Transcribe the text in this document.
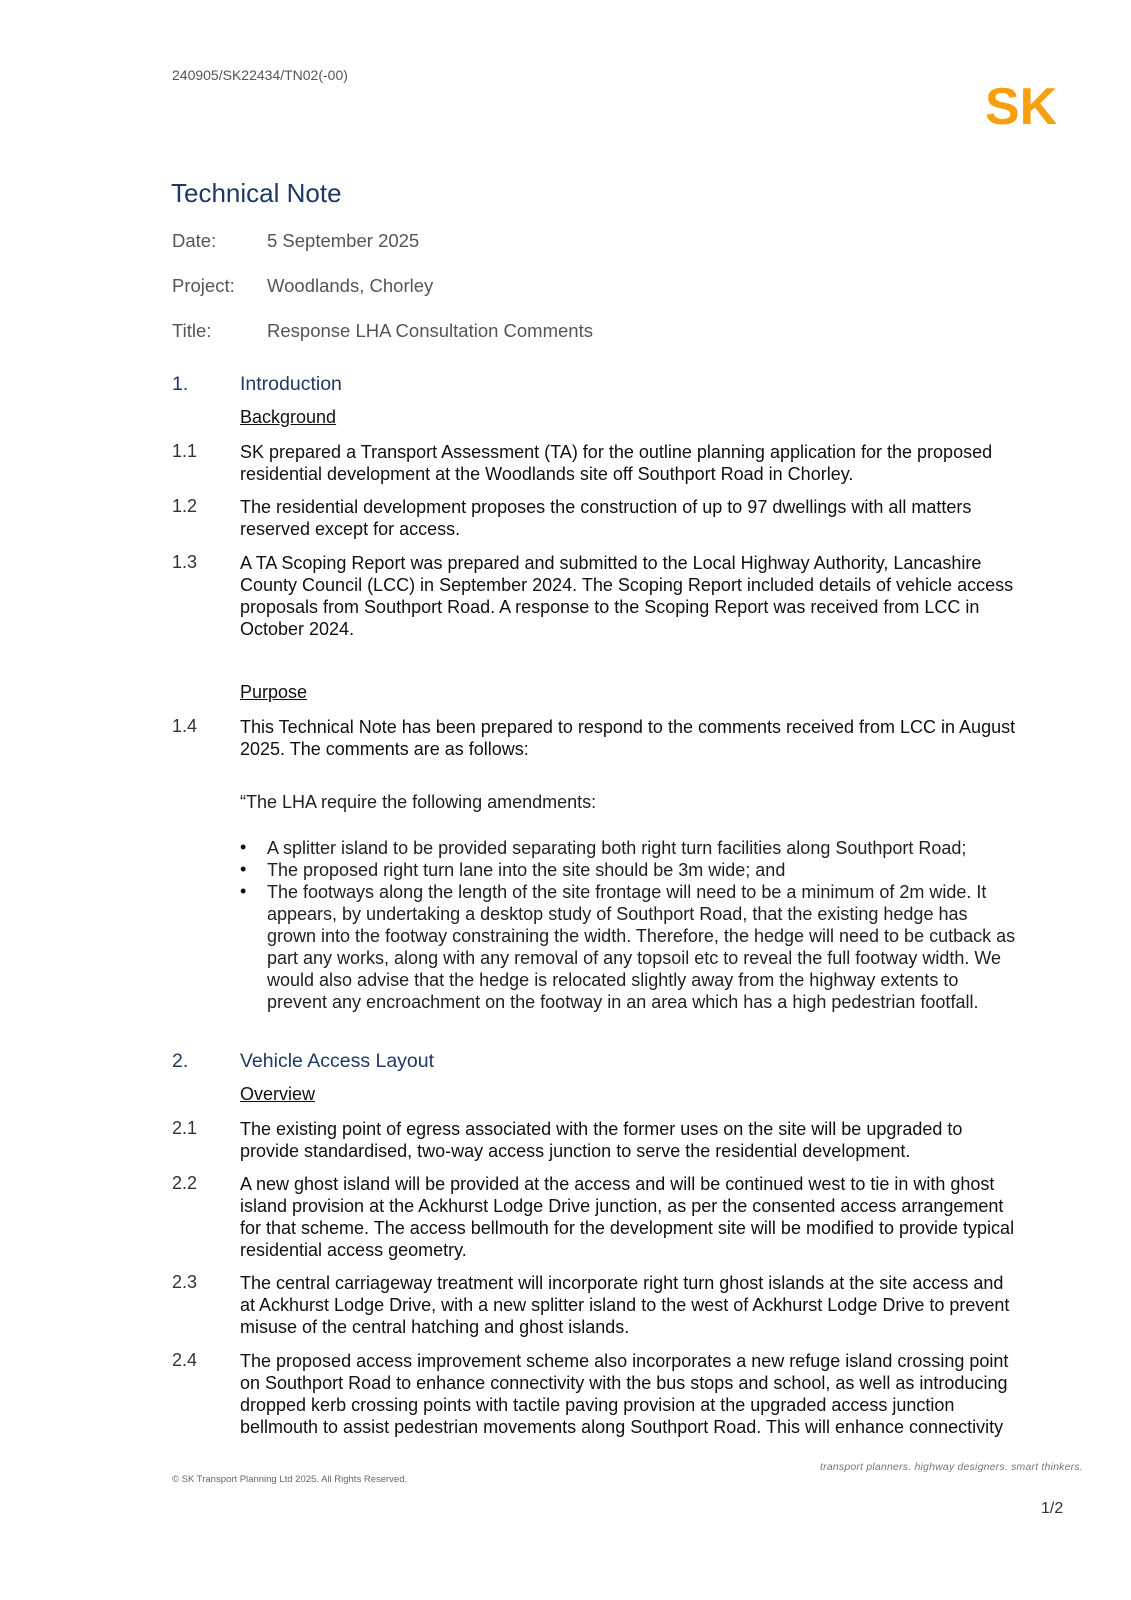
240905/SK22434/TN02(-00)
SK
Technical Note
Date:	5 September 2025
Project: Woodlands, Chorley
Title:	Response LHA Consultation Comments
1.	Introduction
Background
1.1 SK prepared a Transport Assessment (TA) for the outline planning application for the proposed
residential development at the Woodlands site off Southport Road in Chorley.
1.2 The residential development proposes the construction of up to 97 dwellings with all matters
reserved except for access.
1.3 A TA Scoping Report was prepared and submitted to the Local Highway Authority, Lancashire
County Council (LCC) in September 2024. The Scoping Report included details of vehicle access
proposals from Southport Road. A response to the Scoping Report was received from LCC in
October 2024.
Purpose
1.4 This Technical Note has been prepared to respond to the comments received from LCC in August
2025. The comments are as follows:
“The LHA require the following amendments:
• A splitter island to be provided separating both right turn facilities along Southport Road;
• The proposed right turn lane into the site should be 3m wide; and
• The footways along the length of the site frontage will need to be a minimum of 2m wide. It
appears, by undertaking a desktop study of Southport Road, that the existing hedge has
grown into the footway constraining the width. Therefore, the hedge will need to be cutback as
part any works, along with any removal of any topsoil etc to reveal the full footway width. We
would also advise that the hedge is relocated slightly away from the highway extents to
prevent any encroachment on the footway in an area which has a high pedestrian footfall.
2.	Vehicle Access Layout
Overview
2.1 The existing point of egress associated with the former uses on the site will be upgraded to
provide standardised, two-way access junction to serve the residential development.
2.2 A new ghost island will be provided at the access and will be continued west to tie in with ghost
island provision at the Ackhurst Lodge Drive junction, as per the consented access arrangement
for that scheme. The access bellmouth for the development site will be modified to provide typical
residential access geometry.
2.3 The central carriageway treatment will incorporate right turn ghost islands at the site access and
at Ackhurst Lodge Drive, with a new splitter island to the west of Ackhurst Lodge Drive to prevent
misuse of the central hatching and ghost islands.
2.4 The proposed access improvement scheme also incorporates a new refuge island crossing point
on Southport Road to enhance connectivity with the bus stops and school, as well as introducing
dropped kerb crossing points with tactile paving provision at the upgraded access junction
bellmouth to assist pedestrian movements along Southport Road. This will enhance connectivity
transport planners. highway designers. smart thinkers.
© SK Transport Planning Ltd 2025. All Rights Reserved.
1/2
